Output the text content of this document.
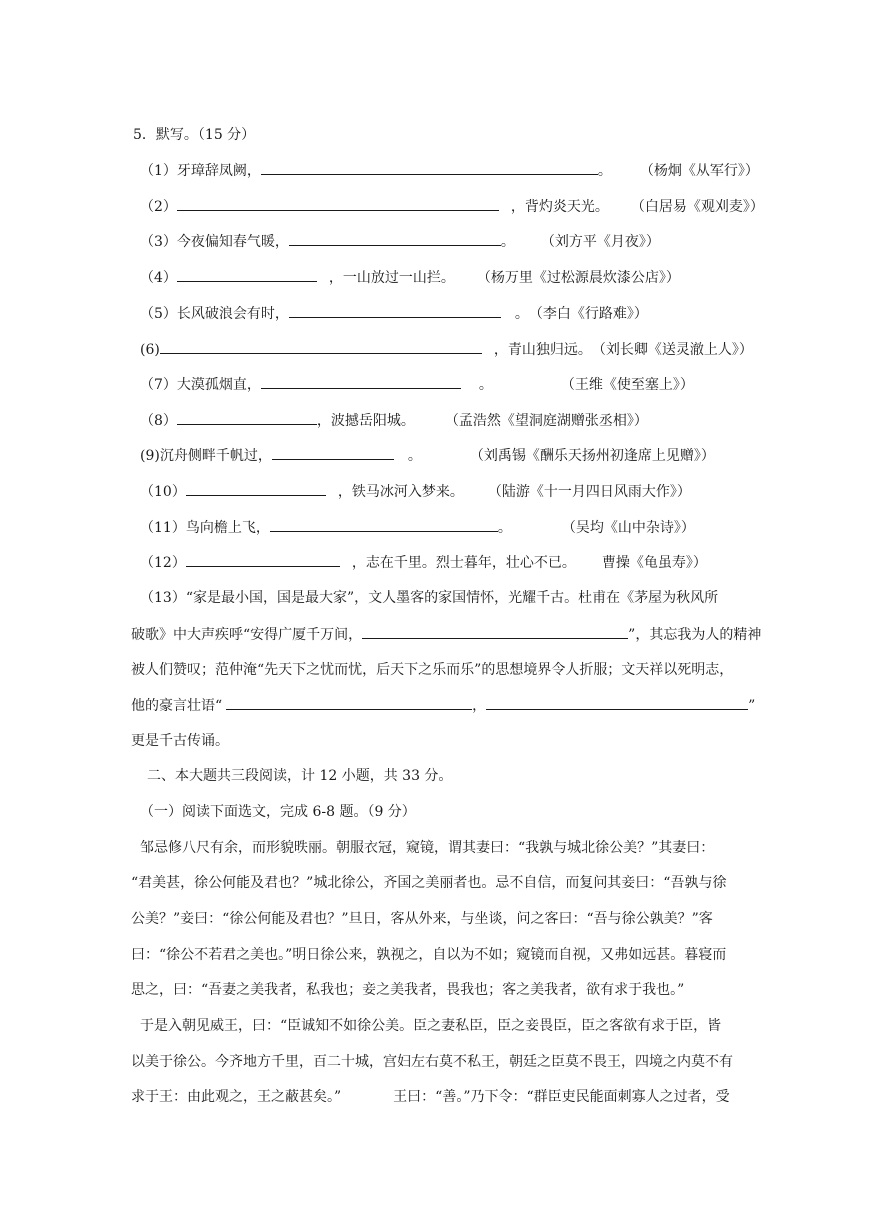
5．默写。（15 分）
（1）牙璋辞凤阙，	。 （杨炯《从军行》）
（2）	，背灼炎天光。 （白居易《观刈麦》）
（3）今夜偏知春气暖，	。 （刘方平《月夜》）
（4）	，一山放过一山拦。 （杨万里《过松源晨炊漆公店》）
（5）长风破浪会有时，	。（李白《行路难》）
(6)	，青山独归远。（刘长卿《送灵澈上人》）
（7）大漠孤烟直，	。	（王维《使至塞上》）
（8）	，波撼岳阳城。 （孟浩然《望洞庭湖赠张丞相》）
(9)沉舟侧畔千帆过，	。	（刘禹锡《酬乐天扬州初逢席上见赠》）
（10）	，铁马冰河入梦来。 （陆游《十一月四日风雨大作》）
（11）鸟向檐上飞，	。	（吴均《山中杂诗》）
（12）	，志在千里。烈士暮年，壮心不已。 曹操《龟虽寿》）
（13）“家是最小国，国是最大家”，文人墨客的家国情怀，光耀千古。杜甫在《茅屋为秋风所
破歌》中大声疾呼“安得广厦千万间，	”，其忘我为人的精神
被人们赞叹；范仲淹“先天下之忧而忧，后天下之乐而乐”的思想境界令人折服；文天祥以死明志，
他的豪言壮语“	，	”
更是千古传诵。
二、本大题共三段阅读，计 12 小题，共 33 分。
（一）阅读下面选文，完成 6-8 题。（9 分）
邹忌修八尺有余，而形貌昳丽。朝服衣冠，窥镜，谓其妻曰：“我孰与城北徐公美？”其妻曰：
“君美甚，徐公何能及君也？”城北徐公，齐国之美丽者也。忌不自信，而复问其妾曰：“吾孰与徐
公美？”妾曰：“徐公何能及君也？”旦日，客从外来，与坐谈，问之客曰：“吾与徐公孰美？”客
曰：“徐公不若君之美也。”明日徐公来，孰视之，自以为不如；窥镜而自视，又弗如远甚。暮寝而
思之，曰：“吾妻之美我者，私我也；妾之美我者，畏我也；客之美我者，欲有求于我也。”
于是入朝见威王，曰：“臣诚知不如徐公美。臣之妻私臣，臣之妾畏臣，臣之客欲有求于臣，皆
以美于徐公。今齐地方千里，百二十城，宫妇左右莫不私王，朝廷之臣莫不畏王，四境之内莫不有
求于王：由此观之，王之蔽甚矣。”	王曰：“善。”乃下令：“群臣吏民能面刺寡人之过者，受
